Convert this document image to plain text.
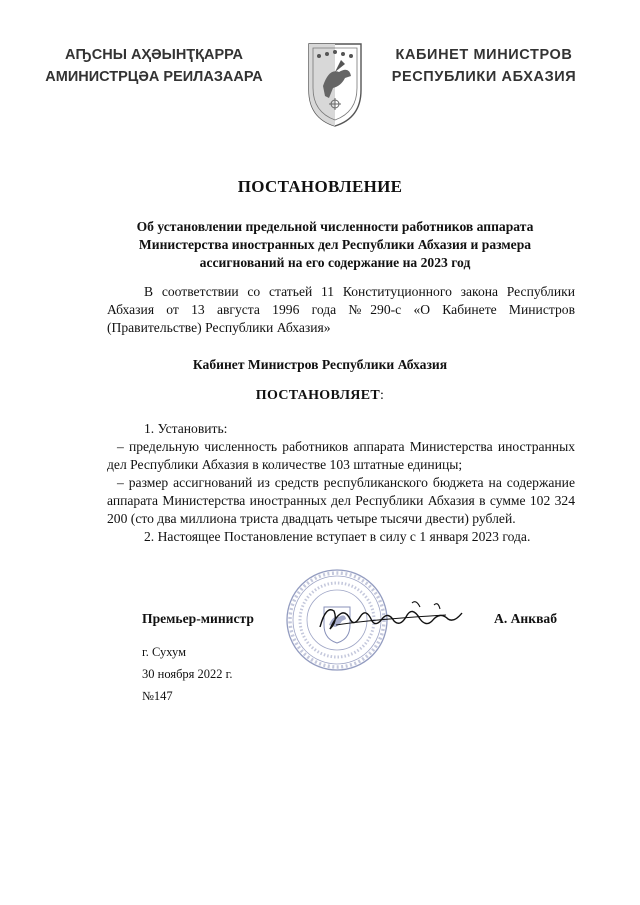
АҦСНЫ АҲӘЫНҬҚАРРА
АМИНИСТРЦӘА РЕИЛАЗААРА
КАБИНЕТ МИНИСТРОВ
РЕСПУБЛИКИ АБХАЗИЯ
ПОСТАНОВЛЕНИЕ
Об установлении предельной численности работников аппарата
Министерства иностранных дел Республики Абхазия и размера
ассигнований на его содержание на 2023 год
В соответствии со статьей 11 Конституционного закона Республики Абхазия от 13 августа 1996 года №290-с «О Кабинете Министров (Правительстве) Республики Абхазия»
Кабинет Министров Республики Абхазия
ПОСТАНОВЛЯЕТ:

1. Установить:

– предельную численность работников аппарата Министерства иностранных дел Республики Абхазия в количестве 103 штатные единицы;

– размер ассигнований из средств республиканского бюджета на содержание аппарата Министерства иностранных дел Республики Абхазия в сумме 102 324 200 (сто два миллиона триста двадцать четыре тысячи двести) рублей.

2. Настоящее Постановление вступает в силу с 1 января 2023 года.

Премьер-министр	А. Анкваб
г. Сухум
30 ноября 2022 г.
№147
